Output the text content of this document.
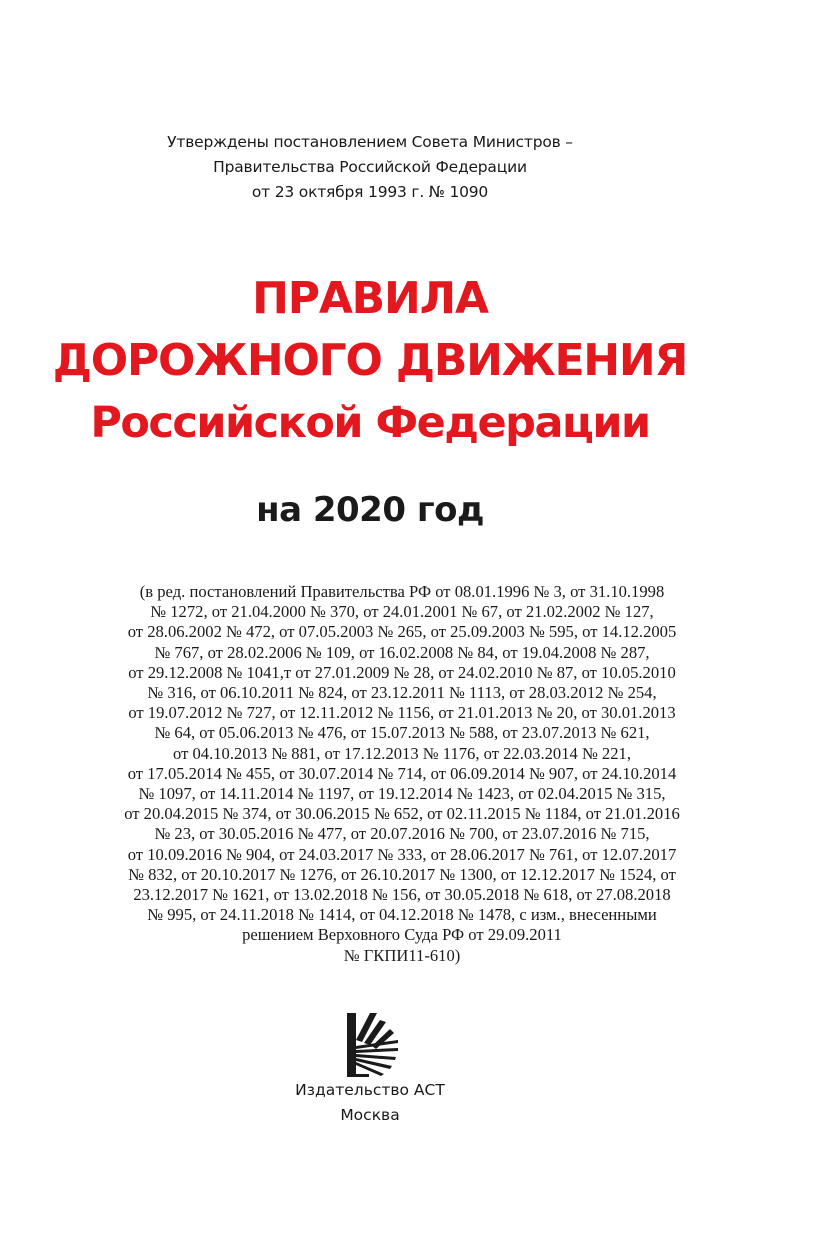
Утверждены постановлением Совета Министров –
Правительства Российской Федерации
от 23 октября 1993 г. № 1090
ПРАВИЛА
ДОРОЖНОГО ДВИЖЕНИЯ
Российской Федерации
на 2020 год
(в ред. постановлений Правительства РФ от 08.01.1996 № 3, от 31.10.1998
№ 1272, от 21.04.2000 № 370, от 24.01.2001 № 67, от 21.02.2002 № 127,
от 28.06.2002 № 472, от 07.05.2003 № 265, от 25.09.2003 № 595, от 14.12.2005
№ 767, от 28.02.2006 № 109, от 16.02.2008 № 84, от 19.04.2008 № 287,
от 29.12.2008 № 1041,т от 27.01.2009 № 28, от 24.02.2010 № 87, от 10.05.2010
№ 316, от 06.10.2011 № 824, от 23.12.2011 № 1113, от 28.03.2012 № 254,
от 19.07.2012 № 727, от 12.11.2012 № 1156, от 21.01.2013 № 20, от 30.01.2013
№ 64, от 05.06.2013 № 476, от 15.07.2013 № 588, от 23.07.2013 № 621,
от 04.10.2013 № 881, от 17.12.2013 № 1176, от 22.03.2014 № 221,
от 17.05.2014 № 455, от 30.07.2014 № 714, от 06.09.2014 № 907, от 24.10.2014
№ 1097, от 14.11.2014 № 1197, от 19.12.2014 № 1423, от 02.04.2015 № 315,
от 20.04.2015 № 374, от 30.06.2015 № 652, от 02.11.2015 № 1184, от 21.01.2016
№ 23, от 30.05.2016 № 477, от 20.07.2016 № 700, от 23.07.2016 № 715,
от 10.09.2016 № 904, от 24.03.2017 № 333, от 28.06.2017 № 761, от 12.07.2017
№ 832, от 20.10.2017 № 1276, от 26.10.2017 № 1300, от 12.12.2017 № 1524, от
23.12.2017 № 1621, от 13.02.2018 № 156, от 30.05.2018 № 618, от 27.08.2018
№ 995, от 24.11.2018 № 1414, от 04.12.2018 № 1478, с изм., внесенными
решением Верховного Суда РФ от 29.09.2011
№ ГКПИ11-610)
Издательство АСТ
Москва
